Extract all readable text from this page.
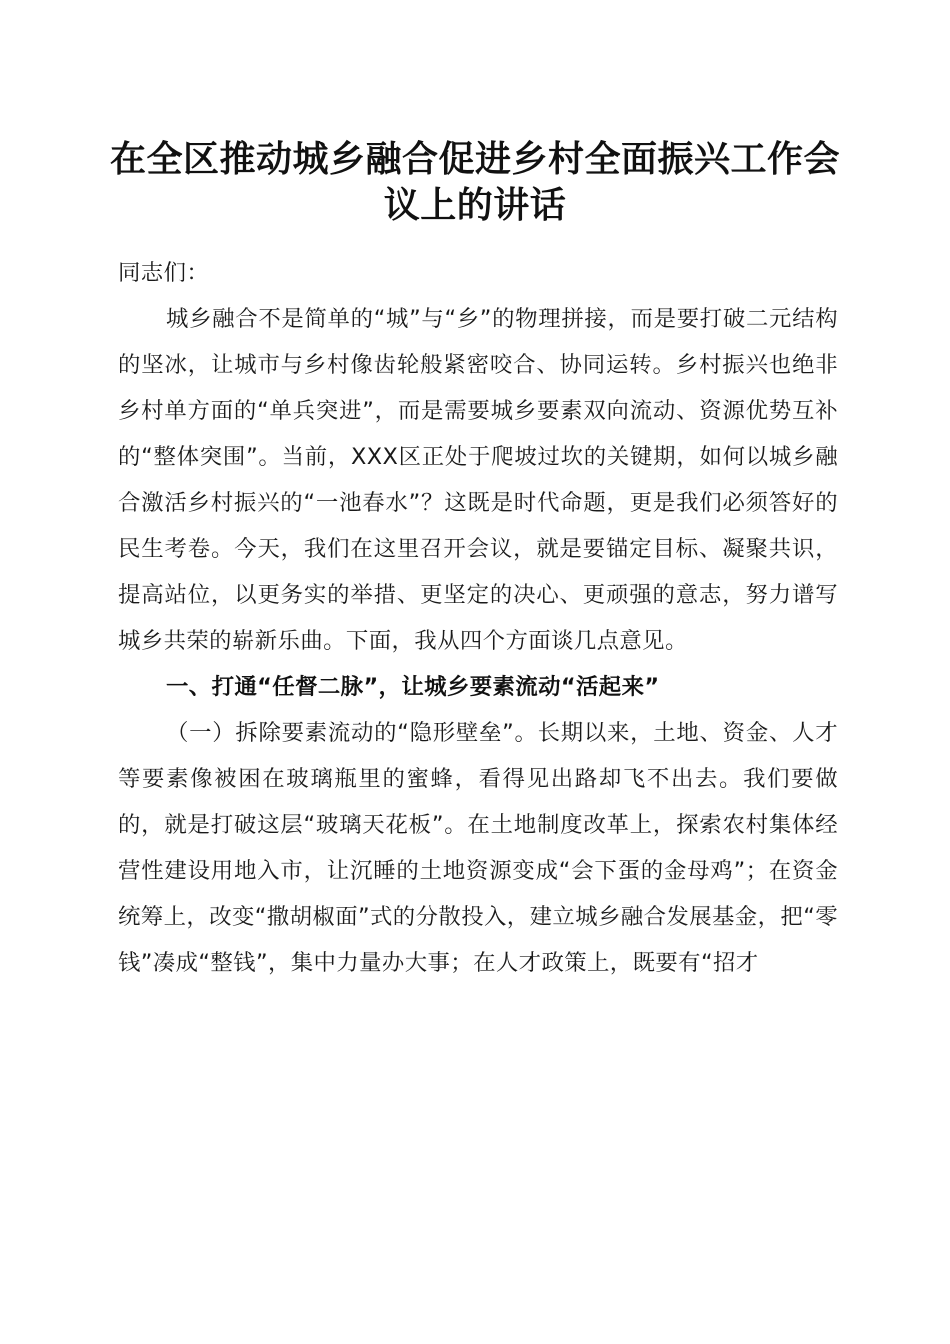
在全区推动城乡融合促进乡村全面振兴工作会
议上的讲话

同志们：

城乡融合不是简单的“城”与“乡”的物理拼接，而是要打破二元结构的坚冰，让城市与乡村像齿轮般紧密咬合、协同运转。乡村振兴也绝非乡村单方面的“单兵突进”，而是需要城乡要素双向流动、资源优势互补的“整体突围”。当前，XXX区正处于爬坡过坎的关键期，如何以城乡融合激活乡村振兴的“一池春水”？这既是时代命题，更是我们必须答好的民生考卷。今天，我们在这里召开会议，就是要锚定目标、凝聚共识，提高站位，以更务实的举措、更坚定的决心、更顽强的意志，努力谱写城乡共荣的崭新乐曲。下面，我从四个方面谈几点意见。

一、打通“任督二脉”，让城乡要素流动“活起来”

（一）拆除要素流动的“隐形壁垒”。长期以来，土地、资金、人才等要素像被困在玻璃瓶里的蜜蜂，看得见出路却飞不出去。我们要做的，就是打破这层“玻璃天花板”。在土地制度改革上，探索农村集体经营性建设用地入市，让沉睡的土地资源变成“会下蛋的金母鸡”；在资金统筹上，改变“撒胡椒面”式的分散投入，建立城乡融合发展基金，把“零钱”凑成“整钱”，集中力量办大事；在人才政策上，既要有“招才
